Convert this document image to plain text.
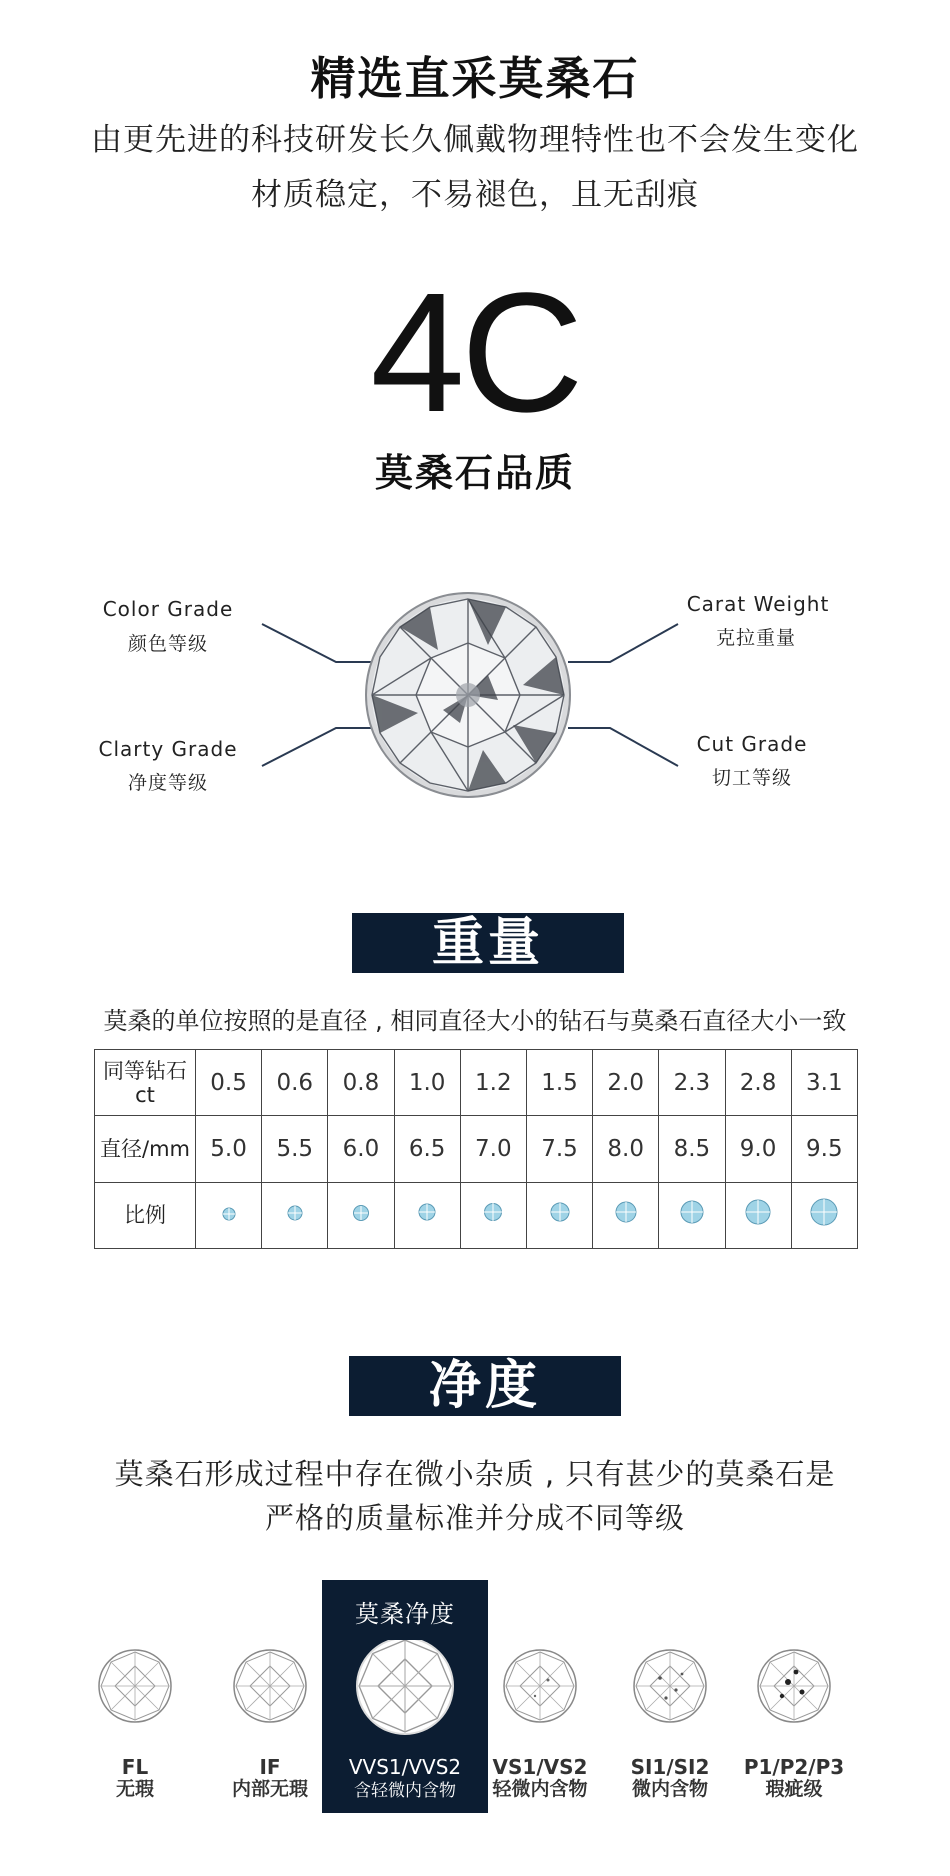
精选直采莫桑石
由更先进的科技研发长久佩戴物理特性也不会发生变化
材质稳定，不易褪色，且无刮痕
4C
莫桑石品质
Color Grade
颜色等级
Carat Weight
克拉重量
Clarty Grade
净度等级
Cut Grade
切工等级
重量
莫桑的单位按照的是直径 , 相同直径大小的钻石与莫桑石直径大小一致
同等钻石
ct	0.5	0.6	0.8	1.0	1.2	1.5	2.0	2.3	2.8	3.1
直径/mm	5.0	5.5	6.0	6.5	7.0	7.5	8.0	8.5	9.0	9.5
比例										
净度
莫桑石形成过程中存在微小杂质 , 只有甚少的莫桑石是
严格的质量标准并分成不同等级
莫桑净度
FL
无瑕
IF
内部无瑕
VVS1/VVS2
含轻微内含物
VS1/VS2
轻微内含物
SI1/SI2
微内含物
P1/P2/P3
瑕疵级
